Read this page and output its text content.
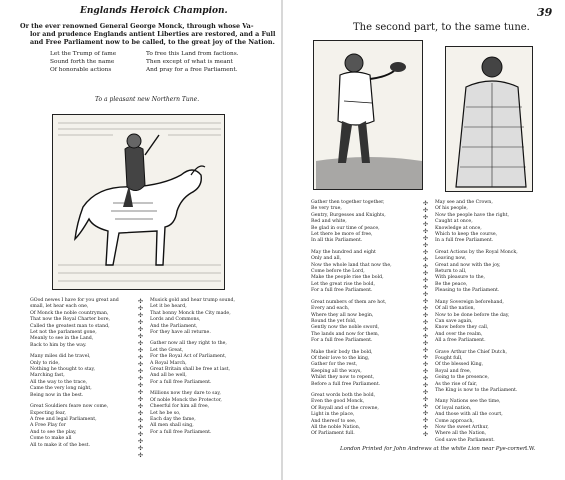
Englands Heroick Champion.
Or the ever renowned General George Monck, through whose Va-
lor and prudence Englands antient Liberties are restored, and a Full
and Free Parliament now to be called, to the great joy of the Nation.
Let the Trump of fame
Sound forth the name
Of honorable actions
To free this Land from factions.
Then except of what is meant
And pray for a free Parliament.
To a pleasant new Northern Tune.
GOod newes I have for you great and
small, let hear each one,
Of Monck the noble countryman,
That now the Royal Charter bore,
Called the greatest man to stand,
Let not the parlament gone,
Meanly to see in the Land,
Back to him by the way.
Many miles did he travel,
Only to ride,
Nothing he thought to stay,
Marching fast,
All the way to the trace,
Came the very long night,
Being now in the best.
Great Souldiers feare now come,
Expecting fear,
A free and legal Parliament,
A Free Play for
And to see the play,
Come to make all
All to make it of the best.
✣
✣
✣
✣
✣
✣
✣
✣
✣
✣
✣
✣
✣
✣
✣
✣
✣
✣
✣
✣
✣
✣
✣
Musick gold and hear trump sound,
Let it be heard,
That bonny Monck the City made,
Lords and Commons,
And the Parliament,
For they have all returne.
Gather now all they right to the,
Let the Great,
For the Royal Act of Parliament,
A Royal March,
Great Britain shall be free at last,
And all be well,
For a full free Parliament.
Millions now they dare to say,
Of noble Monck the Protector,
Cheerful for him all free,
Let he be so,
Each day the fame,
All men shall sing,
For a full free Parliament.
39
The second part, to the same tune.
Gather then together together,
Be very true,
Gentry, Burgesses and Knights,
Red and white,
Be glad in our time of peace,
Let there be more of free,
In all this Parliament.
May the hundred and eight
Only and all,
Now the whole land that now the,
Come before the Lord,
Make the people rise the bold,
Let the great rise the bold,
For a full free Parliament.
Great numbers of them are hot,
Every and each,
Where they all now begin,
Round the yet fold,
Gently now the noble sword,
The lands and now for them,
For a full free Parliament.
Make their body the bold,
Of their love to the king,
Gather for the rest,
Keeping all the ways,
Whilst they now to repent,
Before a full free Parliament.
Great words both the bold,
Even the good Monck,
Of Royall and of the crowne,
Light in the place,
And thereof to see,
All the noble Nation,
Of Parliament full.
✣
✣
✣
✣
✣
✣
✣
✣
✣
✣
✣
✣
✣
✣
✣
✣
✣
✣
✣
✣
✣
✣
✣
✣
✣
✣
✣
✣
✣
✣
✣
✣
✣
✣
May see and the Crown,
Of his people,
Now the people have the right,
Caught at once,
Knowledge at once,
Which to keep the course,
In a full free Parliament.
Great Actions by the Royal Monck,
Leaving now,
Great and now with the joy,
Return to all,
With pleasure to the,
Be the peace,
Pleasing to the Parliament.
Many Sovereign beforehand,
Of all the nation,
Now to be done before the day,
Can save again,
Know before they call,
And over the realm,
All a free Parliament.
Grave Arthur the Chief Dutch,
Fought full,
Of the blessed King,
Royal and free,
Going to the presence,
As the rise of fair,
The King is now to the Parliament.
Many Nations see the time,
Of loyal nation,
And those with all the court,
Come approach,
Now the sweet Arthur,
Where all the Nation,
God save the Parliament.
London Printed for John Andrews at the white Lion near Pye-corner.
I.W.
